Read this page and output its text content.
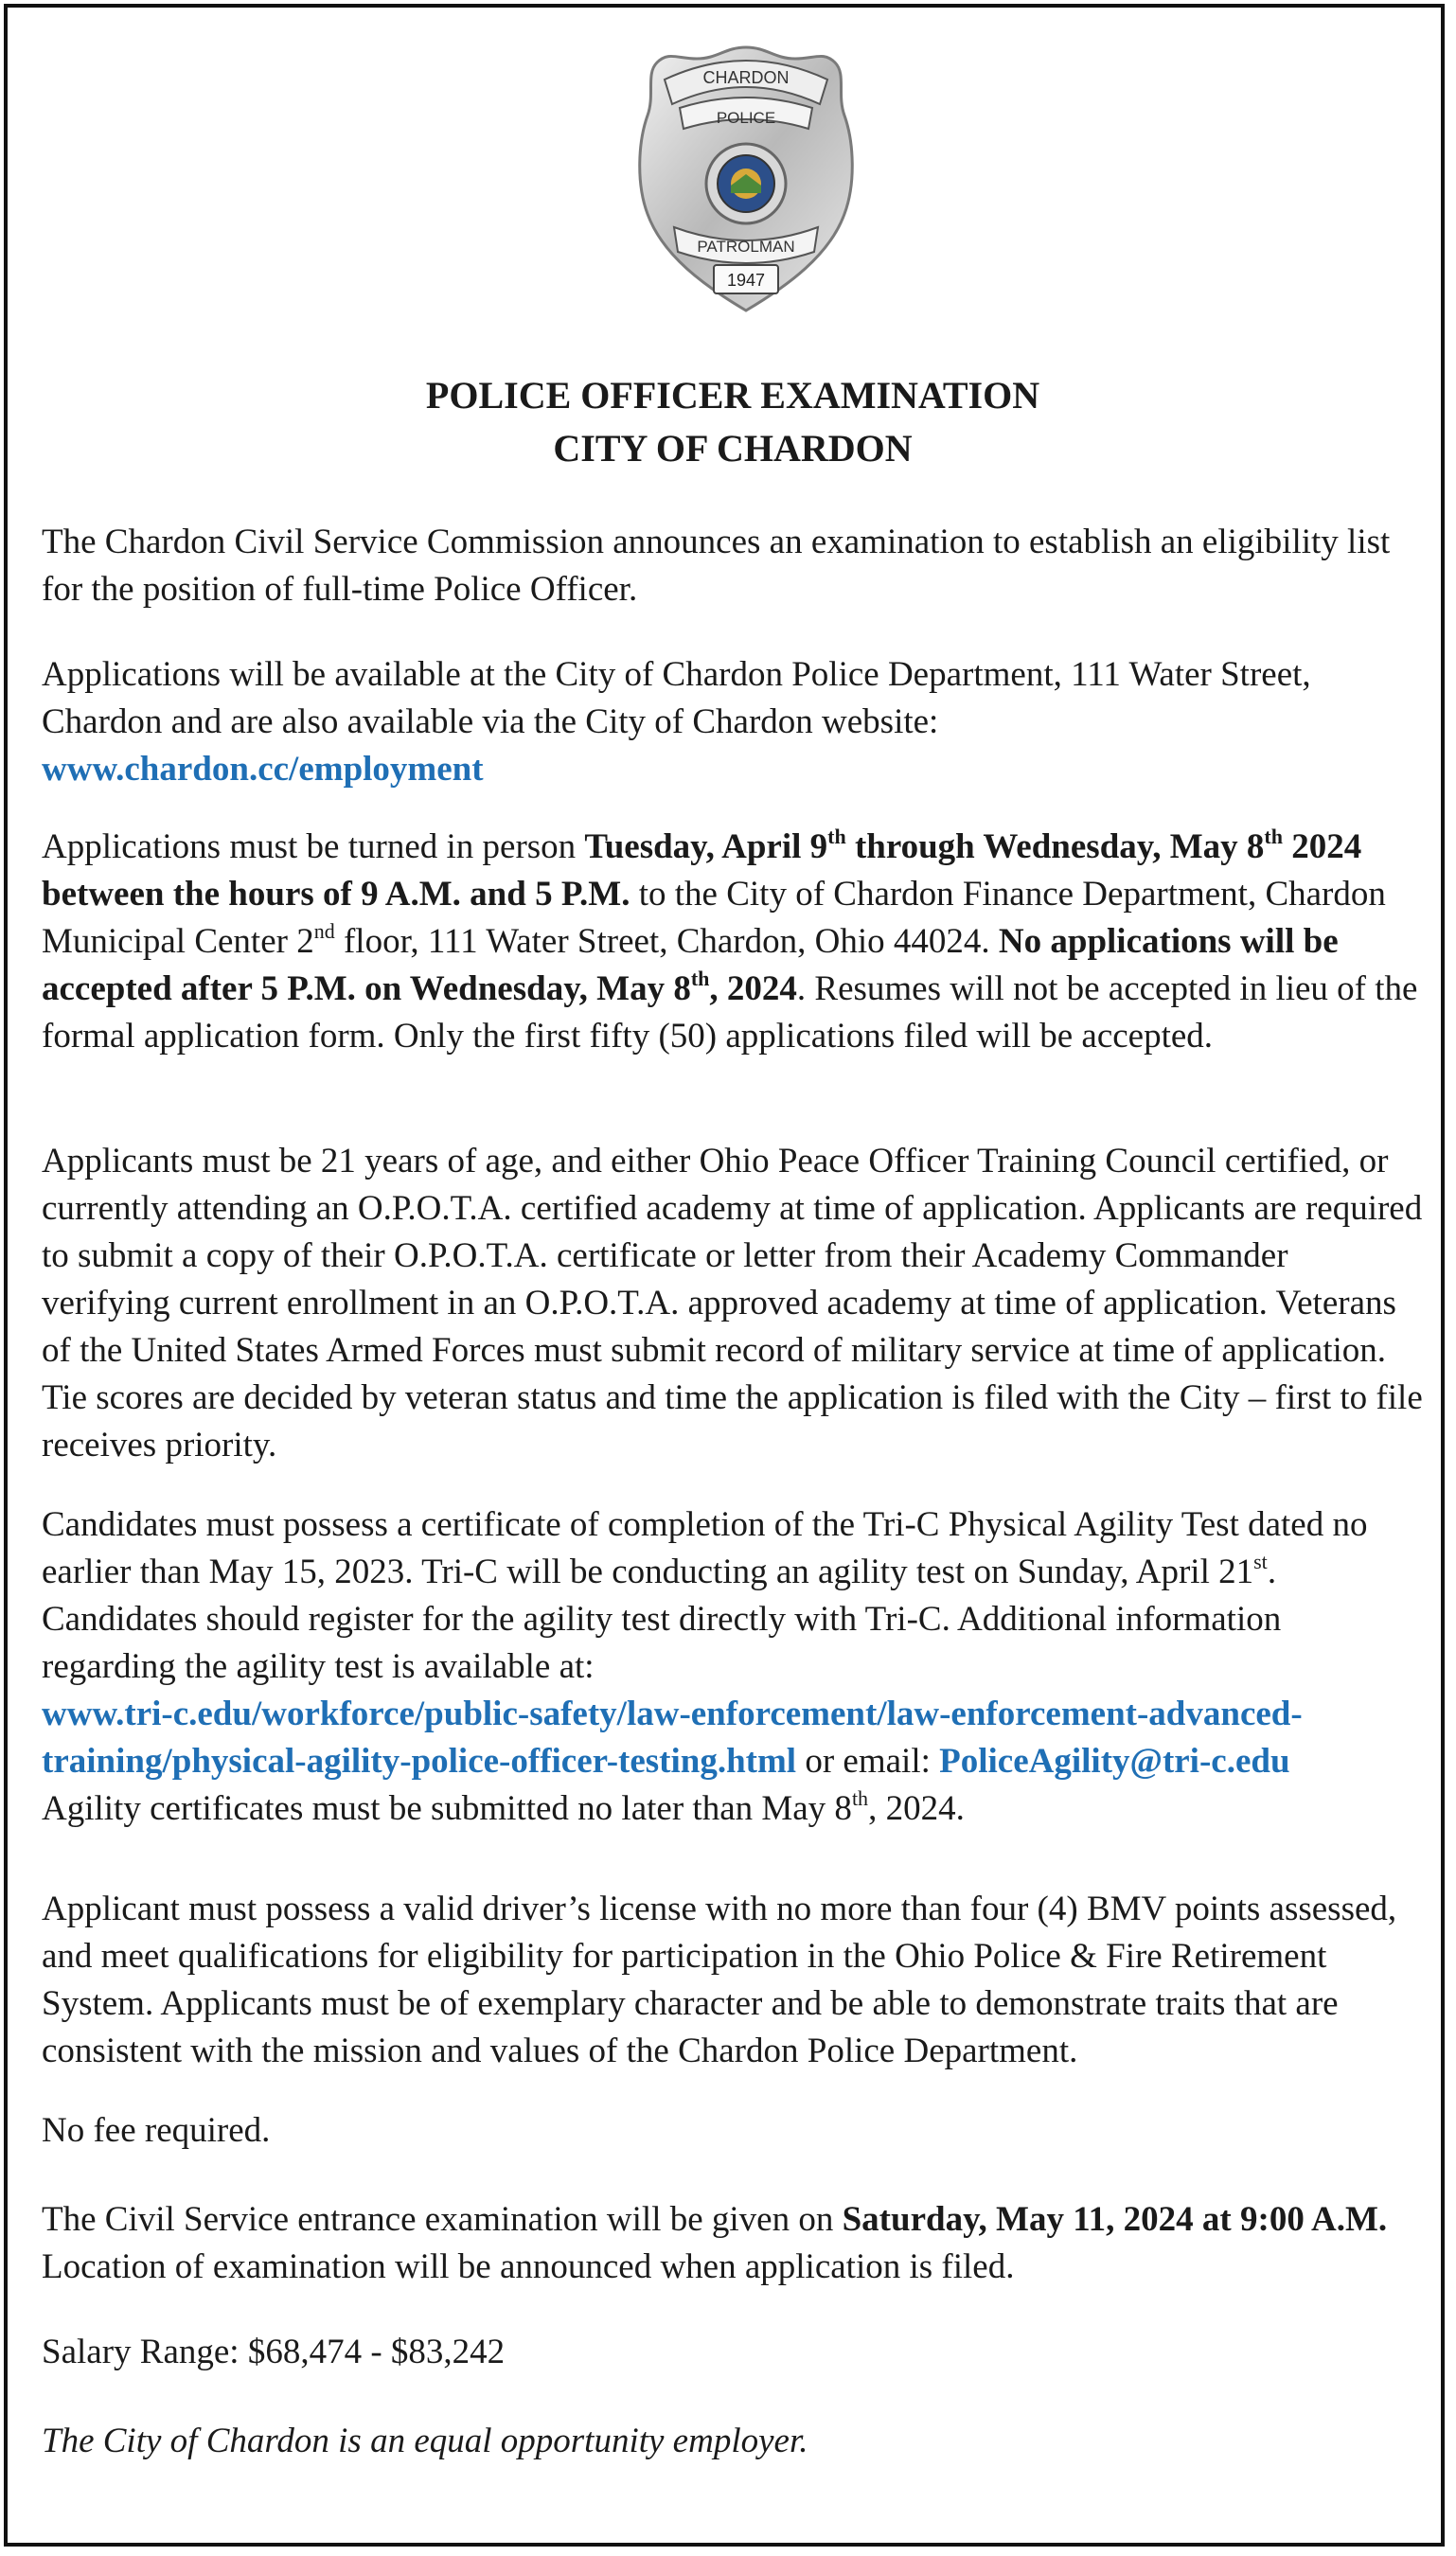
CHARDON
POLICE
PATROLMAN
1947
POLICE OFFICER EXAMINATION
CITY OF CHARDON

The Chardon Civil Service Commission announces an examination to establish an eligibility list for the position of full-time Police Officer.

Applications will be available at the City of Chardon Police Department, 111 Water Street, Chardon and are also available via the City of Chardon website:
www.chardon.cc/employment

Applications must be turned in person Tuesday, April 9th through Wednesday, May 8th 2024 between the hours of 9 A.M. and 5 P.M. to the City of Chardon Finance Department, Chardon Municipal Center 2nd floor, 111 Water Street, Chardon, Ohio 44024. No applications will be accepted after 5 P.M. on Wednesday, May 8th, 2024. Resumes will not be accepted in lieu of the formal application form. Only the first fifty (50) applications filed will be accepted.

Applicants must be 21 years of age, and either Ohio Peace Officer Training Council certified, or currently attending an O.P.O.T.A. certified academy at time of application. Applicants are required to submit a copy of their O.P.O.T.A. certificate or letter from their Academy Commander verifying current enrollment in an O.P.O.T.A. approved academy at time of application. Veterans of the United States Armed Forces must submit record of military service at time of application. Tie scores are decided by veteran status and time the application is filed with the City – first to file receives priority.

Candidates must possess a certificate of completion of the Tri-C Physical Agility Test dated no earlier than May 15, 2023. Tri-C will be conducting an agility test on Sunday, April 21st. Candidates should register for the agility test directly with Tri-C. Additional information regarding the agility test is available at:
www.tri-c.edu/workforce/public-safety/law-enforcement/law-enforcement-advanced-training/physical-agility-police-officer-testing.html or email: PoliceAgility@tri-c.edu
Agility certificates must be submitted no later than May 8th, 2024.

Applicant must possess a valid driver’s license with no more than four (4) BMV points assessed, and meet qualifications for eligibility for participation in the Ohio Police & Fire Retirement System. Applicants must be of exemplary character and be able to demonstrate traits that are consistent with the mission and values of the Chardon Police Department.

No fee required.

The Civil Service entrance examination will be given on Saturday, May 11, 2024 at 9:00 A.M. Location of examination will be announced when application is filed.

Salary Range: $68,474 - $83,242

The City of Chardon is an equal opportunity employer.
